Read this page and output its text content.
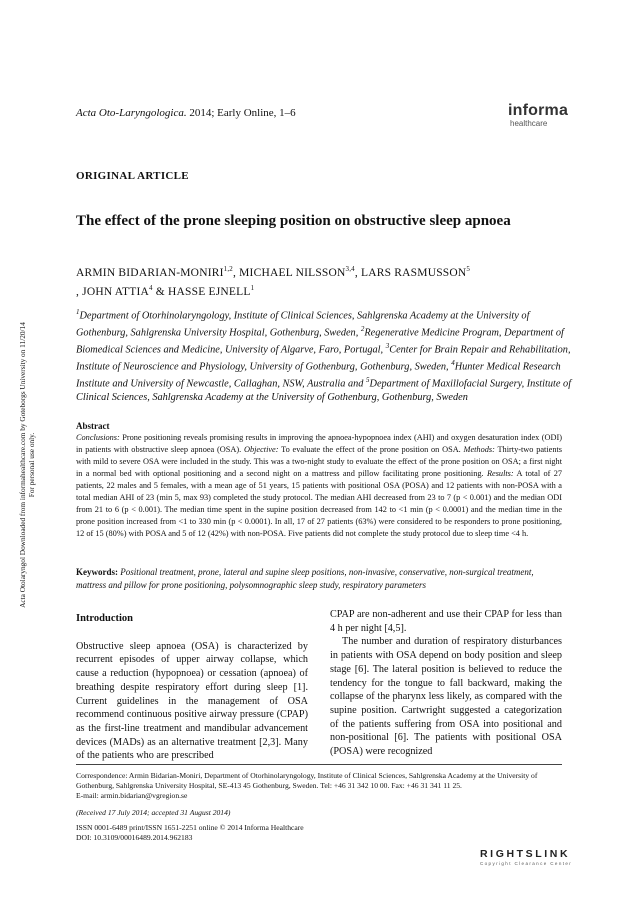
Acta Oto-Laryngologica. 2014; Early Online, 1–6	informa
healthcare
Acta Otolaryngol Downloaded from informahealthcare.com by Goteborgs University on 11/20/14 For personal use only.
ORIGINAL ARTICLE
The effect of the prone sleeping position on obstructive sleep apnoea
ARMIN BIDARIAN-MONIRI$^{1,2}$, MICHAEL NILSSON$^{3,4}$, LARS RASMUSSON$^5$
, JOHN ATTIA$^4$ & HASSE EJNELL$^1$
$^1$Department of Otorhinolaryngology, Institute of Clinical Sciences, Sahlgrenska Academy at the University of Gothenburg, Sahlgrenska University Hospital, Gothenburg, Sweden, $^2$Regenerative Medicine Program, Department of Biomedical Sciences and Medicine, University of Algarve, Faro, Portugal, $^3$Center for Brain Repair and Rehabilitation, Institute of Neuroscience and Physiology, University of Gothenburg, Gothenburg, Sweden, $^4$Hunter Medical Research Institute and University of Newcastle, Callaghan, NSW, Australia and $^5$Department of Maxillofacial Surgery, Institute of Clinical Sciences, Sahlgrenska Academy at the University of Gothenburg, Gothenburg, Sweden
Abstract
Conclusions: Prone positioning reveals promising results in improving the apnoea-hypopnoea index (AHI) and oxygen desaturation index (ODI) in patients with obstructive sleep apnoea (OSA). Objective: To evaluate the effect of the prone position on OSA. Methods: Thirty-two patients with mild to severe OSA were included in the study. This was a two-night study to evaluate the effect of the prone position on OSA; a first night in a normal bed with optional positioning and a second night on a mattress and pillow facilitating prone positioning. Results: A total of 27 patients, 22 males and 5 females, with a mean age of 51 years, 15 patients with positional OSA (POSA) and 12 patients with non-POSA with a total median AHI of 23 (min 5, max 93) completed the study protocol. The median AHI decreased from 23 to 7 (p < 0.001) and the median ODI from 21 to 6 (p < 0.001). The median time spent in the supine position decreased from 142 to <1 min (p < 0.0001) and the median time in the prone position increased from <1 to 330 min (p < 0.0001). In all, 17 of 27 patients (63%) were considered to be responders to prone positioning, 12 of 15 (80%) with POSA and 5 of 12 (42%) with non-POSA. Five patients did not complete the study protocol due to sleep time <4 h.
Keywords: Positional treatment, prone, lateral and supine sleep positions, non-invasive, conservative, non-surgical treatment, mattress and pillow for prone positioning, polysomnographic sleep study, respiratory parameters
Introduction

Obstructive sleep apnoea (OSA) is characterized by recurrent episodes of upper airway collapse, which cause a reduction (hypopnoea) or cessation (apnoea) of breathing despite respiratory effort during sleep [1]. Current guidelines in the management of OSA recommend continuous positive airway pressure (CPAP) as the first-line treatment and mandibular advancement devices (MADs) as an alternative treatment [2,3]. Many of the patients who are prescribed

CPAP are non-adherent and use their CPAP for less than 4 h per night [4,5].

The number and duration of respiratory disturbances in patients with OSA depend on body position and sleep stage [6]. The lateral position is believed to reduce the tendency for the tongue to fall backward, making the collapse of the pharynx less likely, as compared with the supine position. Cartwright suggested a categorization of the patients suffering from OSA into positional and non-positional [6]. The patients with positional OSA (POSA) were recognized

Correspondence: Armin Bidarian-Moniri, Department of Otorhinolaryngology, Institute of Clinical Sciences, Sahlgrenska Academy at the University of Gothenburg, Sahlgrenska University Hospital, SE-413 45 Gothenburg, Sweden. Tel: +46 31 342 10 00. Fax: +46 31 341 11 25.
E-mail: armin.bidarian@vgregion.se
(Received 17 July 2014; accepted 31 August 2014)
ISSN 0001-6489 print/ISSN 1651-2251 online © 2014 Informa Healthcare
DOI: 10.3109/00016489.2014.962183
RIGHTSLINK
Copyright Clearance Center
